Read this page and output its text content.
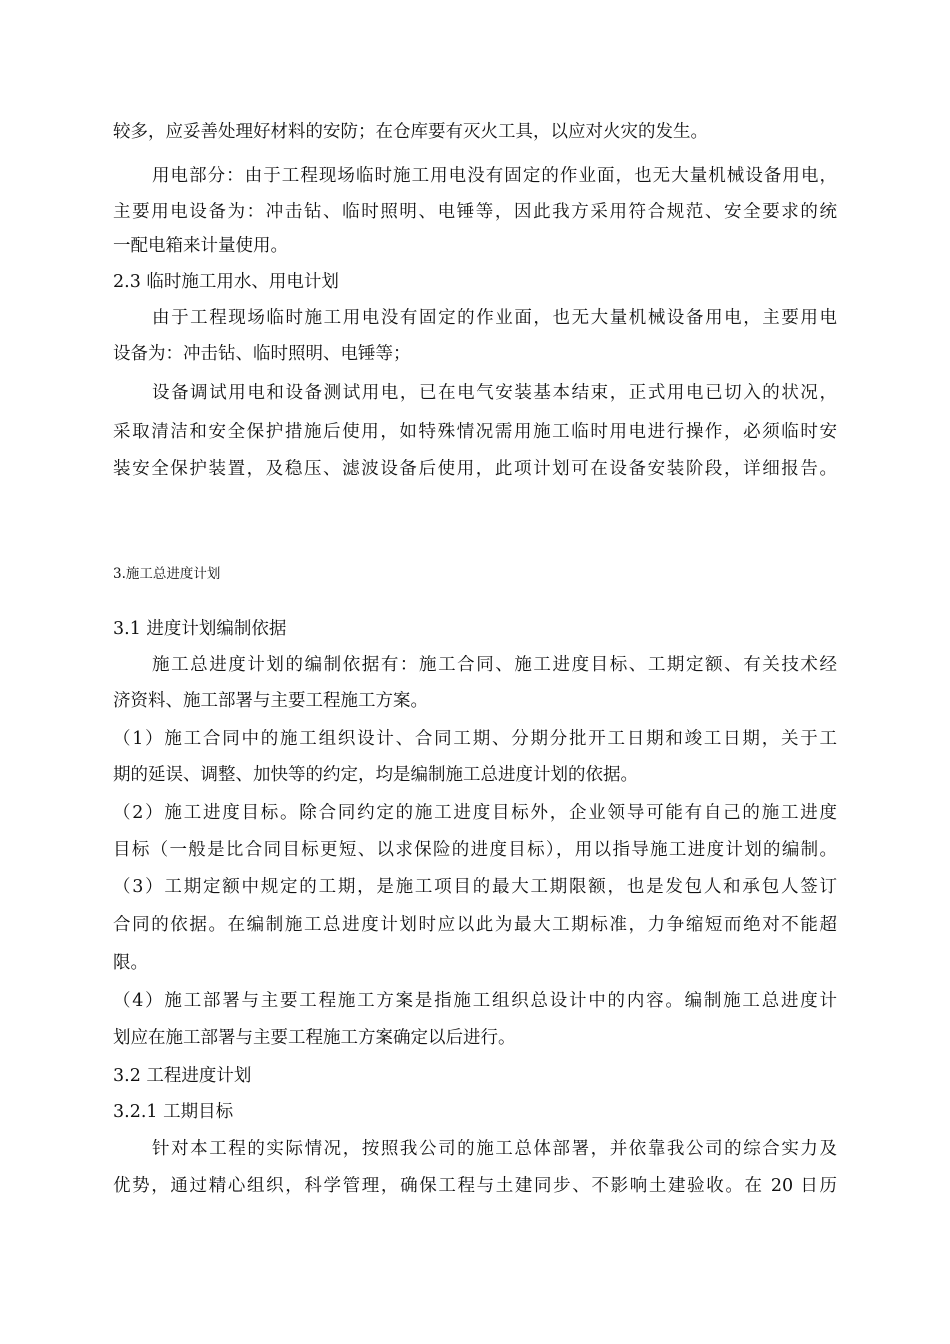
较多，应妥善处理好材料的安防；在仓库要有灭火工具，以应对火灾的发生。
用电部分：由于工程现场临时施工用电没有固定的作业面，也无大量机械设备用电，
主要用电设备为：冲击钻、临时照明、电锤等，因此我方采用符合规范、安全要求的统
一配电箱来计量使用。
2.3 临时施工用水、用电计划
由于工程现场临时施工用电没有固定的作业面，也无大量机械设备用电，主要用电
设备为：冲击钻、临时照明、电锤等；
设备调试用电和设备测试用电，已在电气安装基本结束，正式用电已切入的状况，
采取清洁和安全保护措施后使用，如特殊情况需用施工临时用电进行操作，必须临时安
装安全保护装置，及稳压、滤波设备后使用，此项计划可在设备安装阶段，详细报告。
3.施工总进度计划
3.1 进度计划编制依据
施工总进度计划的编制依据有：施工合同、施工进度目标、工期定额、有关技术经
济资料、施工部署与主要工程施工方案。
（1）施工合同中的施工组织设计、合同工期、分期分批开工日期和竣工日期，关于工
期的延误、调整、加快等的约定，均是编制施工总进度计划的依据。
（2）施工进度目标。除合同约定的施工进度目标外，企业领导可能有自己的施工进度
目标（一般是比合同目标更短、以求保险的进度目标），用以指导施工进度计划的编制。
（3）工期定额中规定的工期，是施工项目的最大工期限额，也是发包人和承包人签订
合同的依据。在编制施工总进度计划时应以此为最大工期标准，力争缩短而绝对不能超
限。
（4）施工部署与主要工程施工方案是指施工组织总设计中的内容。编制施工总进度计
划应在施工部署与主要工程施工方案确定以后进行。
3.2 工程进度计划
3.2.1 工期目标
针对本工程的实际情况，按照我公司的施工总体部署，并依靠我公司的综合实力及
优势，通过精心组织，科学管理，确保工程与土建同步、不影响土建验收。在 20 日历
